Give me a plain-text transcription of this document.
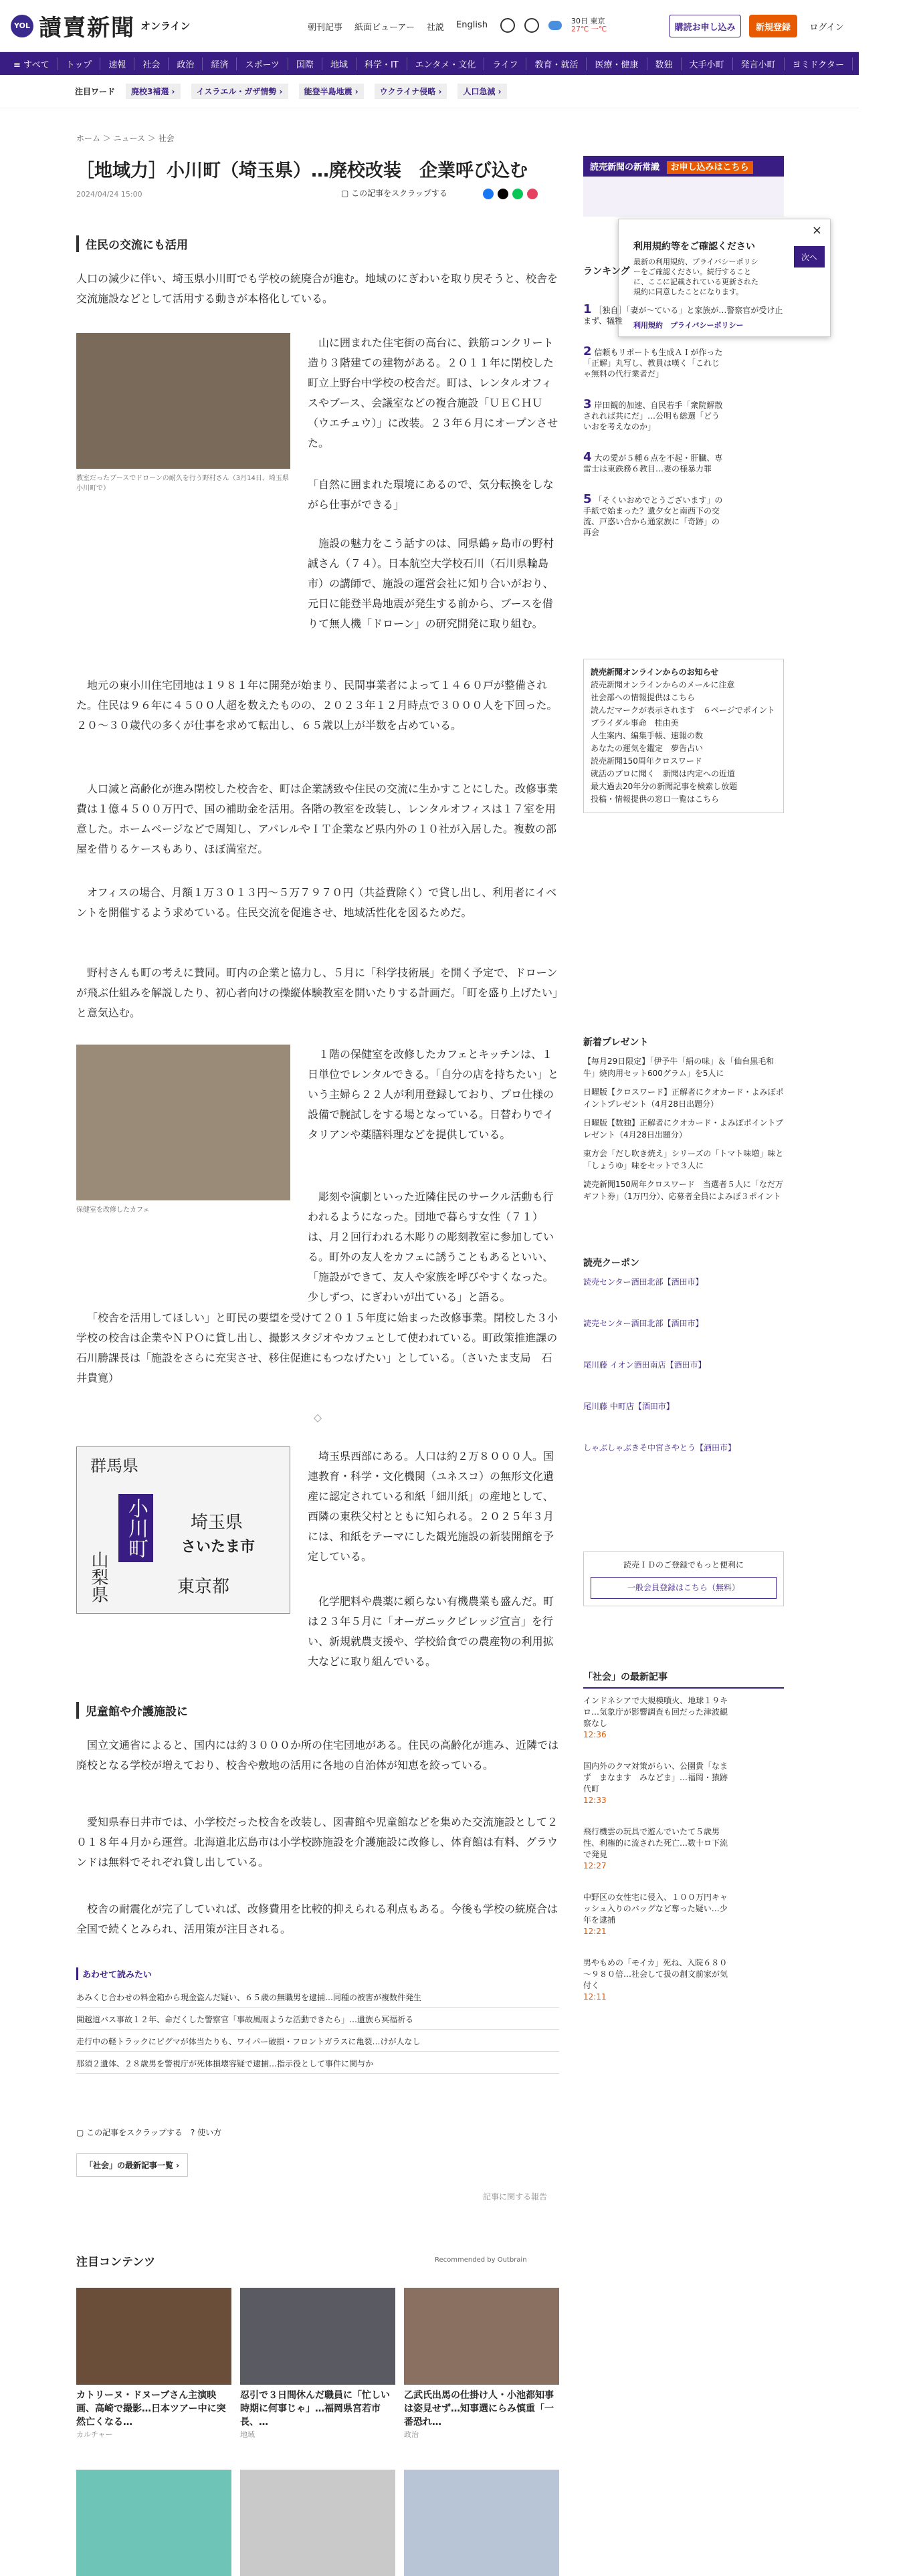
YOL 讀賣新聞 オンライン	朝刊記事 紙面ビューアー 社説 English	30日 東京
27℃ 一℃	購読お申し込み	新規登録	ログイン
≡ すべて	トップ	速報	社会	政治	経済	スポーツ	国際	地域	科学・IT	エンタメ・文化	ライフ	教育・就活	医療・健康	数独	大手小町	発言小町	ヨミドクター	よみぽランド
注目ワード	廃校3補選 ›	イスラエル・ガザ情勢 ›	能登半島地震 ›	ウクライナ侵略 ›	人口急減 ›
ホーム ＞ ニュース ＞ 社会
［地域力］小川町（埼玉県）…廃校改装　企業呼び込む
2024/04/24 15:00	▢ この記事をスクラップする
住民の交流にも活用
人口の減少に伴い、埼玉県小川町でも学校の統廃合が進む。地域のにぎわいを取り戻そうと、校舎を交流施設などとして活用する動きが本格化している。
教室だったブースでドローンの耐久を行う野村さん（3月14日、埼玉県小川町で）
山に囲まれた住宅街の高台に、鉄筋コンクリート造り３階建ての建物がある。２０１１年に閉校した町立上野台中学校の校舎だ。町は、レンタルオフィスやブース、会議室などの複合施設「ＵＥＣＨＵ（ウエチュウ）」に改装。２３年６月にオープンさせた。
「自然に囲まれた環境にあるので、気分転換をしながら仕事ができる」
施設の魅力をこう話すのは、同県鶴ヶ島市の野村誠さん（７４）。日本航空大学校石川（石川県輪島市）の講師で、施設の運営会社に知り合いがおり、元日に能登半島地震が発生する前から、ブースを借りて無人機「ドローン」の研究開発に取り組む。
地元の東小川住宅団地は１９８１年に開発が始まり、民間事業者によって１４６０戸が整備された。住民は９６年に４５００人超を数えたものの、２０２３年１２月時点で３０００人を下回った。２０～３０歳代の多くが仕事を求めて転出し、６５歳以上が半数を占めている。
人口減と高齢化が進み閉校した校舎を、町は企業誘致や住民の交流に生かすことにした。改修事業費は１億４５００万円で、国の補助金を活用。各階の教室を改装し、レンタルオフィスは１７室を用意した。ホームページなどで周知し、アパレルやＩＴ企業など県内外の１０社が入居した。複数の部屋を借りるケースもあり、ほぼ満室だ。
オフィスの場合、月額１万３０１３円～５万７９７０円（共益費除く）で貸し出し、利用者にイベントを開催するよう求めている。住民交流を促進させ、地域活性化を図るためだ。
野村さんも町の考えに賛同。町内の企業と協力し、５月に「科学技術展」を開く予定で、ドローンが飛ぶ仕組みを解説したり、初心者向けの操縦体験教室を開いたりする計画だ。「町を盛り上げたい」と意気込む。
保健室を改修したカフェ
１階の保健室を改修したカフェとキッチンは、１日単位でレンタルできる。「自分の店を持ちたい」という主婦ら２２人が利用登録しており、プロ仕様の設備で腕試しをする場となっている。日替わりでイタリアンや薬膳料理などを提供している。
彫刻や演劇といった近隣住民のサークル活動も行われるようになった。団地で暮らす女性（７１）は、月２回行われる木彫りの彫刻教室に参加している。町外の友人をカフェに誘うこともあるといい、「施設ができて、友人や家族を呼びやすくなった。少しずつ、にぎわいが出ている」と語る。
「校舎を活用してほしい」と町民の要望を受けて２０１５年度に始まった改修事業。閉校した３小学校の校舎は企業やＮＰＯに貸し出し、撮影スタジオやカフェとして使われている。町政策推進課の石川勝課長は「施設をさらに充実させ、移住促進にもつなげたい」としている。（さいたま支局　石井貴寛）
◇
群馬県
小川町	埼玉県
さいたま市
東京都
山梨県
埼玉県西部にある。人口は約２万８０００人。国連教育・科学・文化機関（ユネスコ）の無形文化遺産に認定されている和紙「細川紙」の産地として、西隣の東秩父村とともに知られる。２０２５年３月には、和紙をテーマにした観光施設の新装開館を予定している。
化学肥料や農薬に頼らない有機農業も盛んだ。町は２３年５月に「オーガニックビレッジ宣言」を行い、新規就農支援や、学校給食での農産物の利用拡大などに取り組んでいる。
児童館や介護施設に
国立文通省によると、国内には約３０００か所の住宅団地がある。住民の高齢化が進み、近隣では廃校となる学校が増えており、校舎や敷地の活用に各地の自治体が知恵を絞っている。
愛知県春日井市では、小学校だった校舎を改装し、図書館や児童館などを集めた交流施設として２０１８年４月から運営。北海道北広島市は小学校跡施設を介護施設に改修し、体育館は有料、グラウンドは無料でそれぞれ貸し出している。
校舎の耐震化が完了していれば、改修費用を比較的抑えられる利点もある。今後も学校の統廃合は全国で続くとみられ、活用策が注目される。
あわせて読みたい
あみくじ合わせの料金箱から現金盗んだ疑い、６５歳の無職男を逮捕…同種の被害が複数件発生
開越道バス事故１２年、命だくした警察官「事故風雨ような活動できたら」…遺族ら冥福祈る
走行中の軽トラックにピグマが体当たりも、ワイパー破損・フロントガラスに亀裂…けが人なし
那須２遺体、２８歳男を警視庁が死体損壊容疑で逮捕…指示役として事件に関与か
▢ この記事をスクラップする　? 使い方
「社会」の最新記事一覧 ›
記事に関する報告
注目コンテンツ	Recommended by Outbrain
カトリーヌ・ドヌーブさん主演映画、高崎で撮影…日本ツアー中に突然亡くなる…
カルチャー
忍引で３日間休んだ職員に「忙しい時期に何事じゃ」…福岡県宮若市長、…
地域
乙武氏出馬の仕掛け人・小池都知事は姿見せず…知事選にらみ慎重「一番恐れ…
政治
読売新聞の新常識 お申し込みはこちら
×
利用規約等をご確認ください
最新の利用規約、プライバシーポリシーをご確認ください。続行することに、ここに記載されている更新された規約に同意したことになります。
利用規約　 プライバシーポリシー
次へ
ランキング
1 ［独自］「妻が〜ている」と家族が…警察官が受け止まず、犠牲
2 信頼もリポートも生成ＡＩが作った「正解」丸写し、教員は嘆く「これじゃ無料の代行業者だ」
3 岸田観的加速、自民若手「衆院解散されれば共にだ」…公明も総選「どういおを考えなのか」
4 大の愛が５種６点を不起・肝臓、専雷士は東鉄務６教目…妻の様暴力罪
5 「そくいおめでとうございます」の手紙で始まった？遺夕女と南西下の交流、戸惑い合から通家族に「奇跡」の再会
読売新聞オンラインからのお知らせ
読売新聞オンラインからのメールに注意
社会部への情報提供はこちら
読んだマークが表示されます　６ページでポイント
プライダル事命　桂由美
人生案内、編集手帳、速報の数
あなたの運気を鑑定　夢告占い
読売新聞150周年クロスワード
就活のプロに聞く　新聞は内定への近道
最大過去20年分の新聞記事を検索し放題
投稿・情報提供の窓口一覧はこちら
新着プレゼント
【毎月29日限定】「伊予牛「絹の味」＆「仙台黒毛和牛」焼肉用セット600グラム」を5人に
日曜版【クロスワード】正解者にクオカード・よみぽポイントプレゼント（4月28日出題分）
日曜版【数独】正解者にクオカード・よみぽポイントプレゼント（4月28日出題分）
東方会「だし吹き焼え」シリーズの「トマト味増」味と「しょうゆ」味をセットで３人に
読売新聞150周年クロスワード　当選者５人に「なだ万ギフト券」（1万円分）、応募者全員によみぽ３ポイント
読売クーポン
読売センター酒田北部【酒田市】
読売センター酒田北部【酒田市】
尾川藤 イオン酒田南店【酒田市】
尾川藤 中町店【酒田市】
しゃぶしゃぶきそ中宮さやとう【酒田市】
読売ＩＤのご登録でもっと便利に
一般会員登録はこちら（無料）
「社会」の最新記事
インドネシアで大規模噴火、地球１９キロ…気象庁が影響調査も回だった津波観察なし
12:36
国内外のクマ対策がらい、公園貴「なまず　まなます　みなどま」…福岡・猿跡代町
12:33
飛行機雲の玩具で遊んでいたて５歳男性、利権的に流された死亡…数十ロ下流で発見
12:27
中野区の女性宅に侵入、１００万円キャッシュ入りのバッグなど奪った疑い…少年を逮捕
12:21
男やもめの「モイカ」死ね、入院６８０～９８０倍…社会して扱の創文前家が気付く
12:11
